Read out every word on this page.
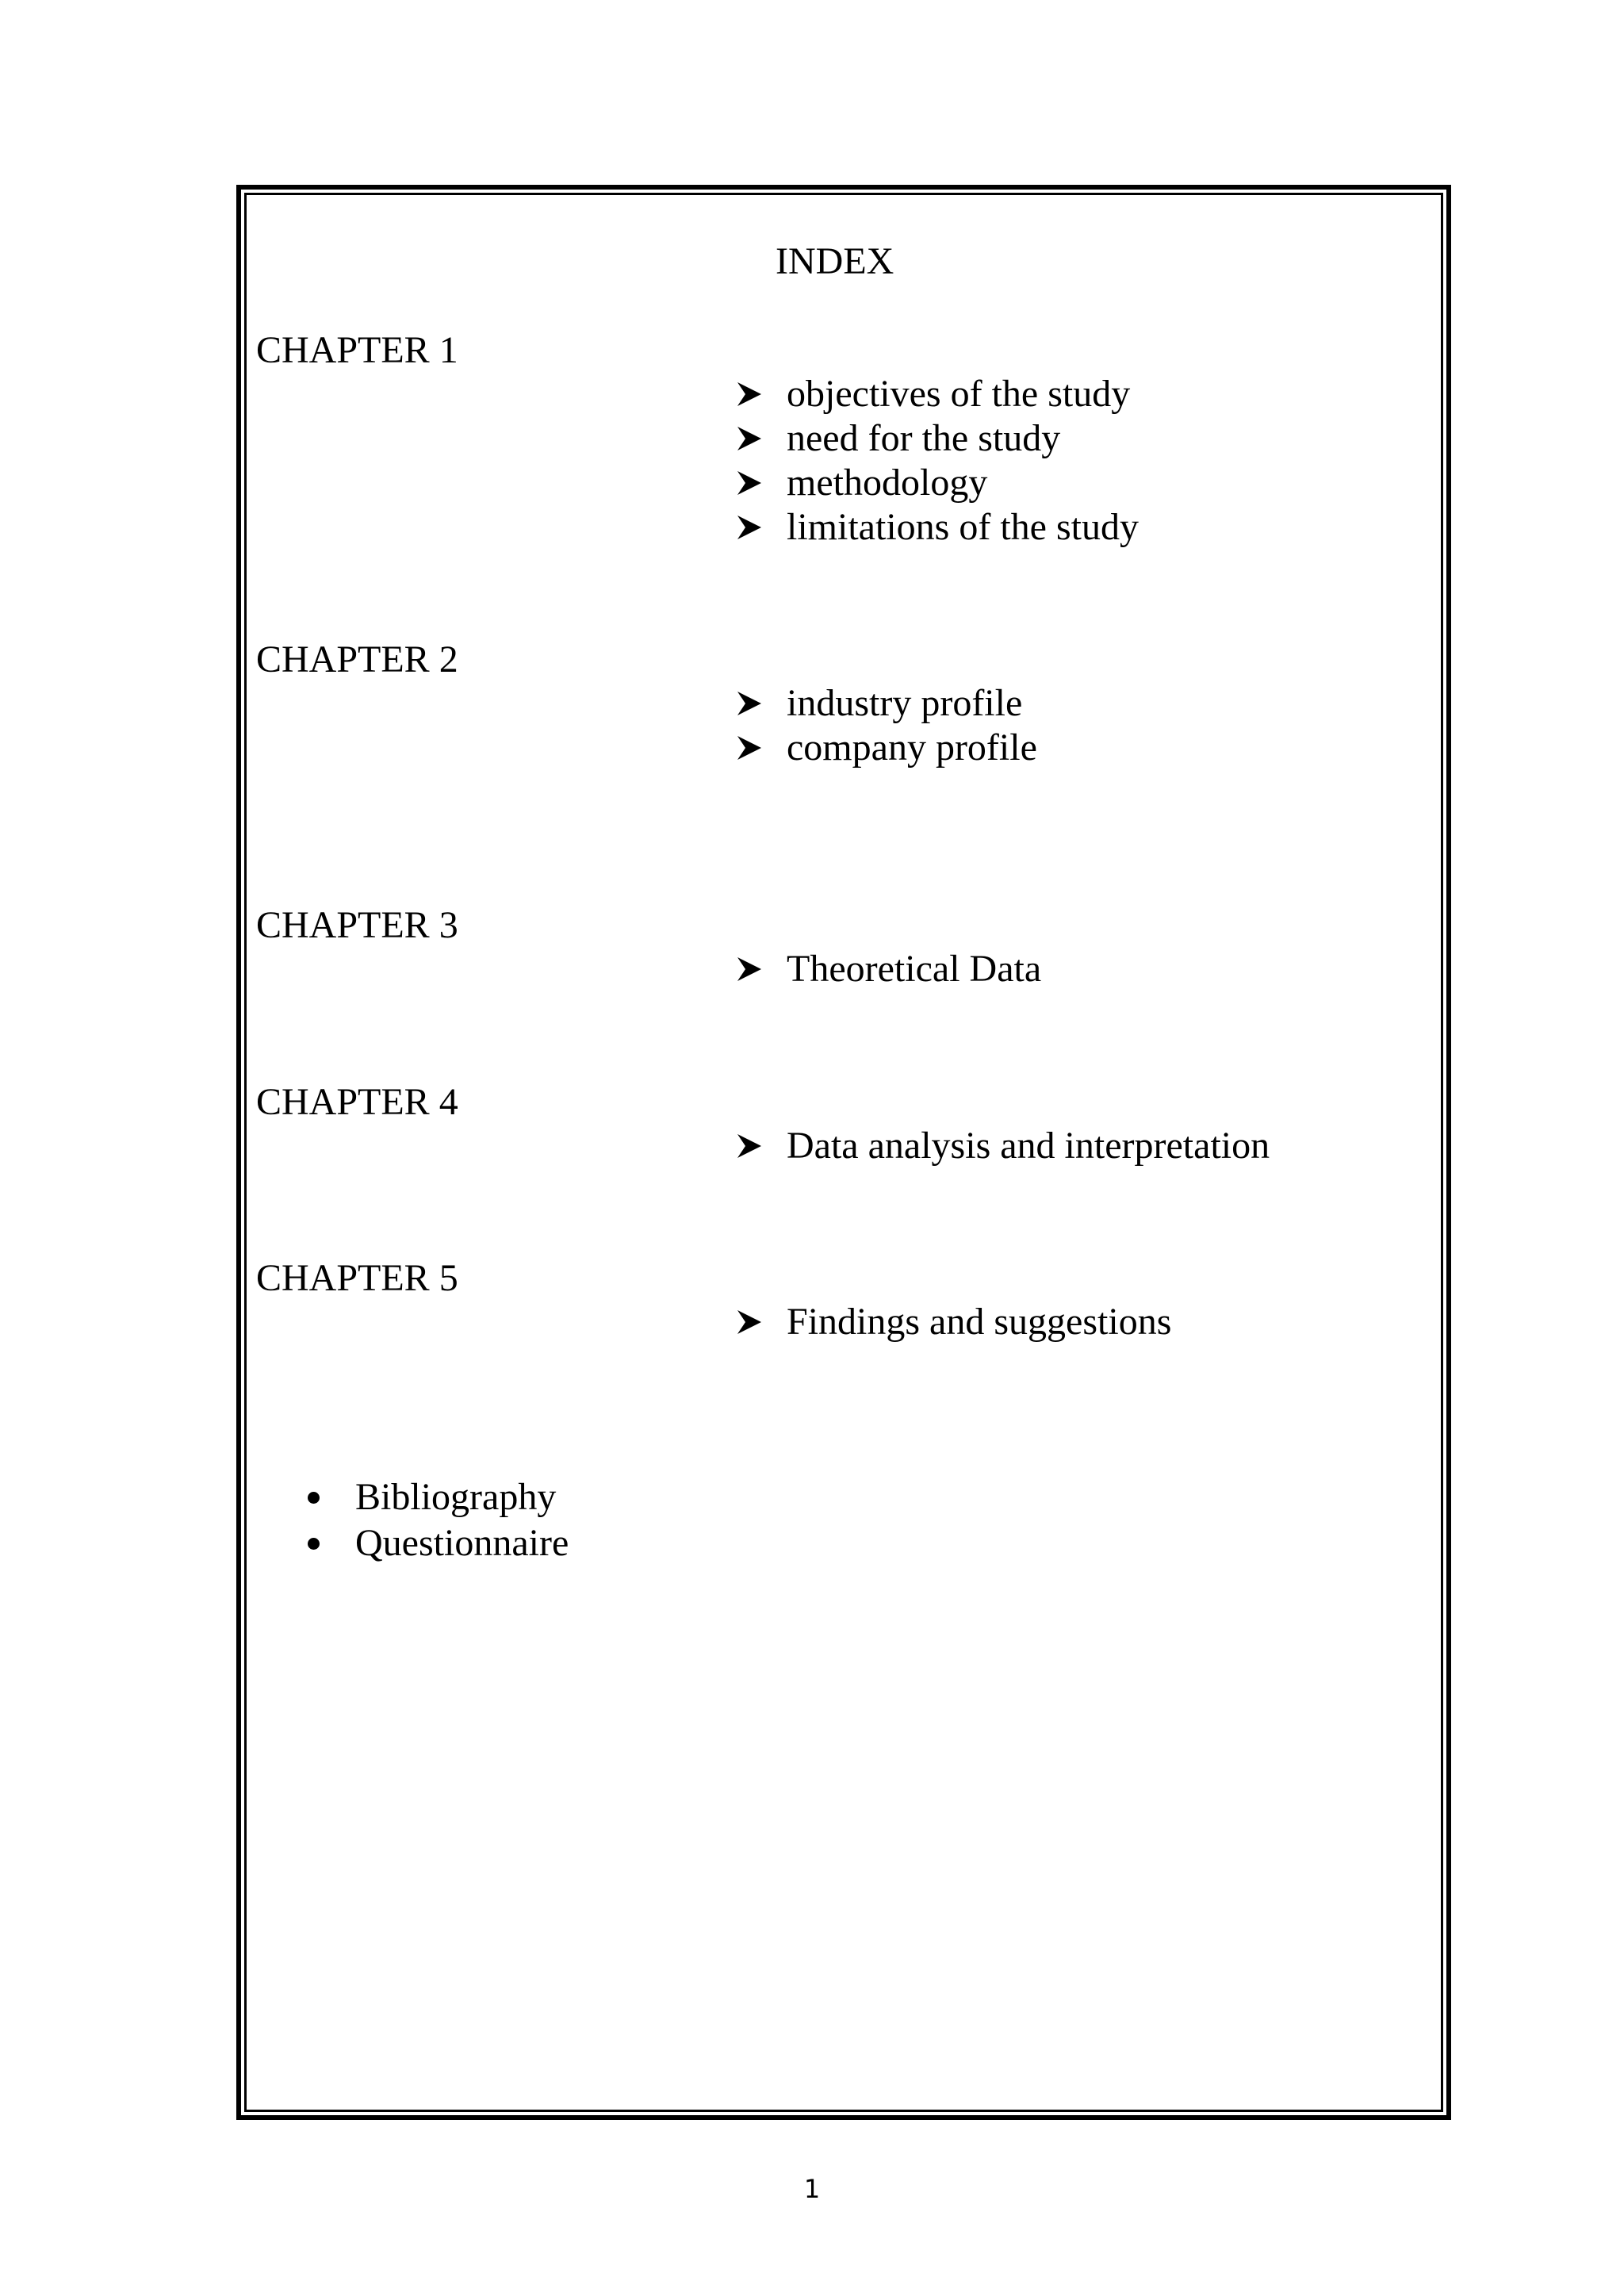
INDEX
CHAPTER 1
objectives of the study
need for the study
methodology
limitations of the study
CHAPTER 2
industry profile
company profile
CHAPTER 3
Theoretical Data
CHAPTER 4
Data analysis and interpretation
CHAPTER 5
Findings and suggestions
Bibliography
Questionnaire
1
